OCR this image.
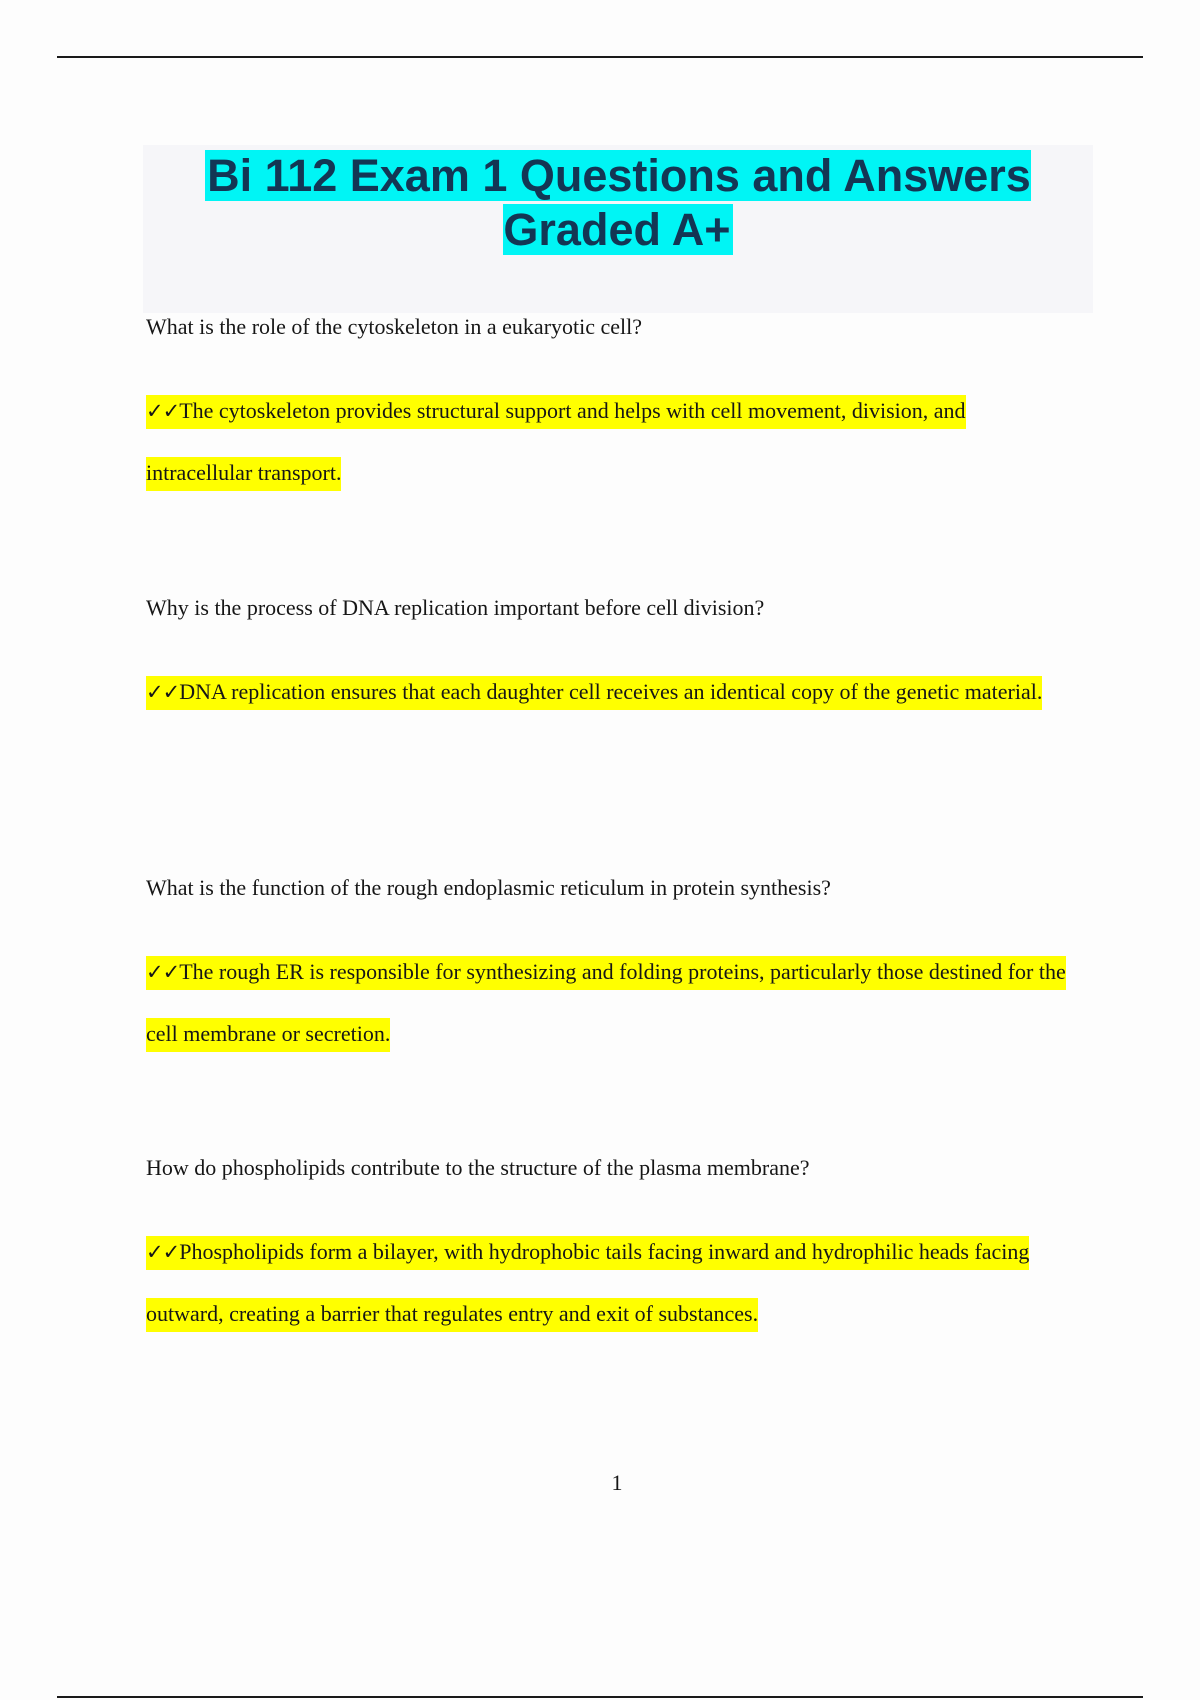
Bi 112 Exam 1 Questions and Answers Graded A+

What is the role of the cytoskeleton in a eukaryotic cell?

✓✓The cytoskeleton provides structural support and helps with cell movement, division, and intracellular transport.

Why is the process of DNA replication important before cell division?

✓✓DNA replication ensures that each daughter cell receives an identical copy of the genetic material.

What is the function of the rough endoplasmic reticulum in protein synthesis?

✓✓The rough ER is responsible for synthesizing and folding proteins, particularly those destined for the cell membrane or secretion.

How do phospholipids contribute to the structure of the plasma membrane?

✓✓Phospholipids form a bilayer, with hydrophobic tails facing inward and hydrophilic heads facing outward, creating a barrier that regulates entry and exit of substances.

1
